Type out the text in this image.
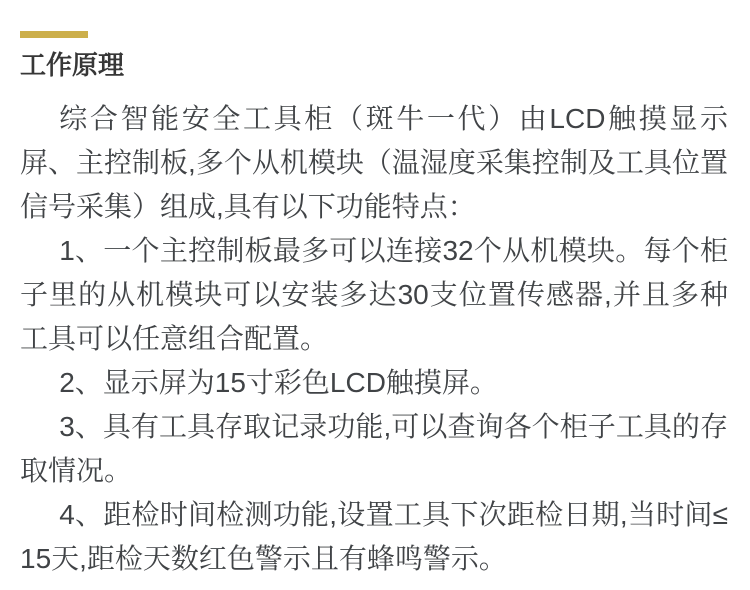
工作原理

综合智能安全工具柜（斑牛一代）由LCD触摸显示屏、主控制板,多个从机模块（温湿度采集控制及工具位置信号采集）组成,具有以下功能特点：

1、一个主控制板最多可以连接32个从机模块。每个柜子里的从机模块可以安装多达30支位置传感器,并且多种工具可以任意组合配置。

2、显示屏为15寸彩色LCD触摸屏。

3、具有工具存取记录功能,可以查询各个柜子工具的存取情况。

4、距检时间检测功能,设置工具下次距检日期,当时间≤15天,距检天数红色警示且有蜂鸣警示。
